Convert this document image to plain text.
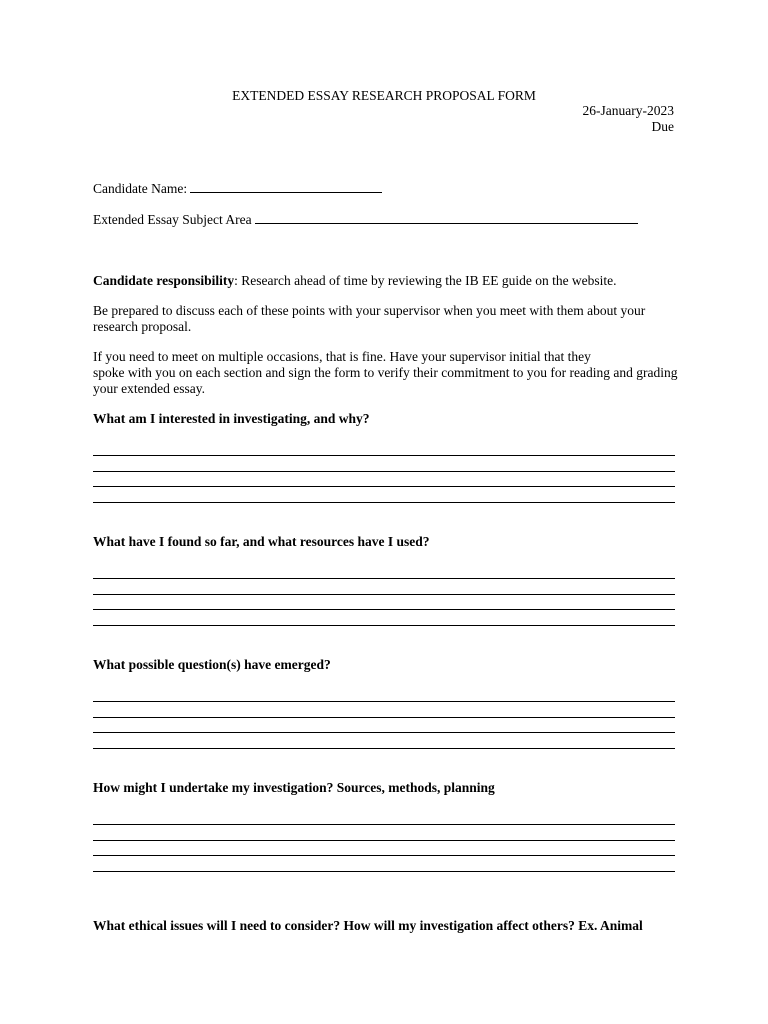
EXTENDED ESSAY RESEARCH PROPOSAL FORM
26-January-2023
Due
Candidate Name:
Extended Essay Subject Area
Candidate responsibility: Research ahead of time by reviewing the IB EE guide on the website.
Be prepared to discuss each of these points with your supervisor when you meet with them about your research proposal.
If you need to meet on multiple occasions, that is fine. Have your supervisor initial that they
spoke with you on each section and sign the form to verify their commitment to you for reading and grading your extended essay.
What am I interested in investigating, and why?
What have I found so far, and what resources have I used?
What possible question(s) have emerged?
How might I undertake my investigation? Sources, methods, planning
What ethical issues will I need to consider? How will my investigation affect others? Ex. Animal
